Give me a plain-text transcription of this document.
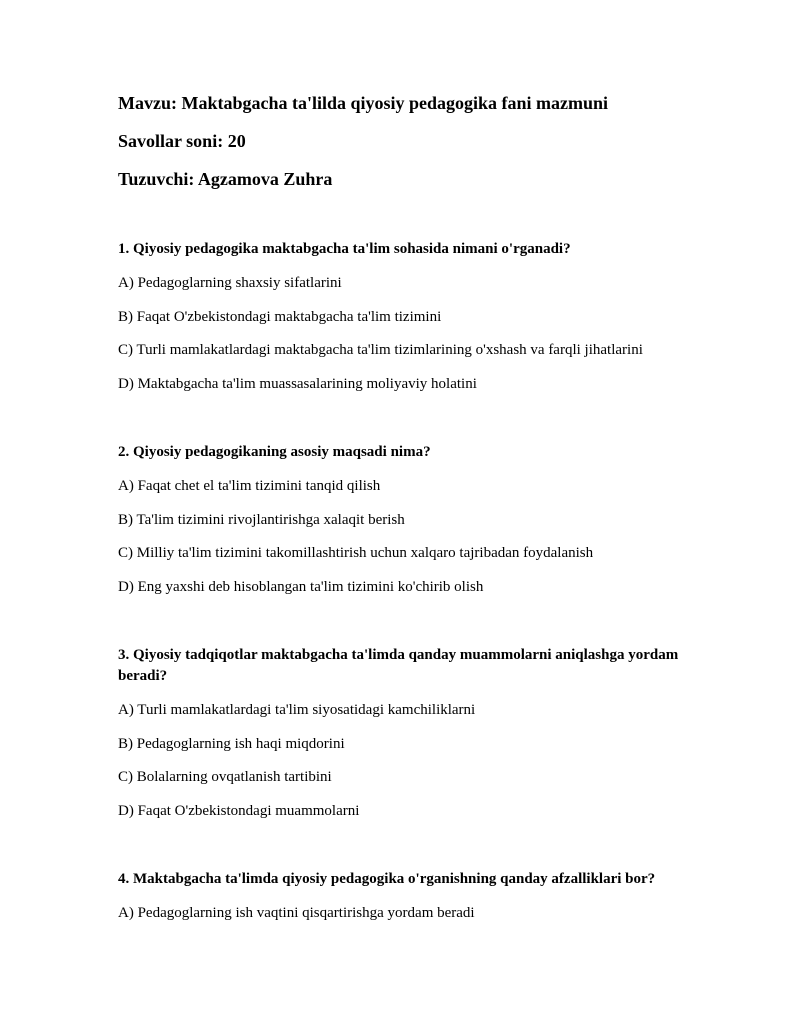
Mavzu: Maktabgacha ta'lilda qiyosiy pedagogika fani mazmuni
Savollar soni: 20
Tuzuvchi: Agzamova Zuhra
1. Qiyosiy pedagogika maktabgacha ta'lim sohasida nimani o'rganadi?
A) Pedagoglarning shaxsiy sifatlarini
B) Faqat O'zbekistondagi maktabgacha ta'lim tizimini
C) Turli mamlakatlardagi maktabgacha ta'lim tizimlarining o'xshash va farqli jihatlarini
D) Maktabgacha ta'lim muassasalarining moliyaviy holatini
2. Qiyosiy pedagogikaning asosiy maqsadi nima?
A) Faqat chet el ta'lim tizimini tanqid qilish
B) Ta'lim tizimini rivojlantirishga xalaqit berish
C) Milliy ta'lim tizimini takomillashtirish uchun xalqaro tajribadan foydalanish
D) Eng yaxshi deb hisoblangan ta'lim tizimini ko'chirib olish
3. Qiyosiy tadqiqotlar maktabgacha ta'limda qanday muammolarni aniqlashga yordam beradi?
A) Turli mamlakatlardagi ta'lim siyosatidagi kamchiliklarni
B) Pedagoglarning ish haqi miqdorini
C) Bolalarning ovqatlanish tartibini
D) Faqat O'zbekistondagi muammolarni
4. Maktabgacha ta'limda qiyosiy pedagogika o'rganishning qanday afzalliklari bor?
A) Pedagoglarning ish vaqtini qisqartirishga yordam beradi
